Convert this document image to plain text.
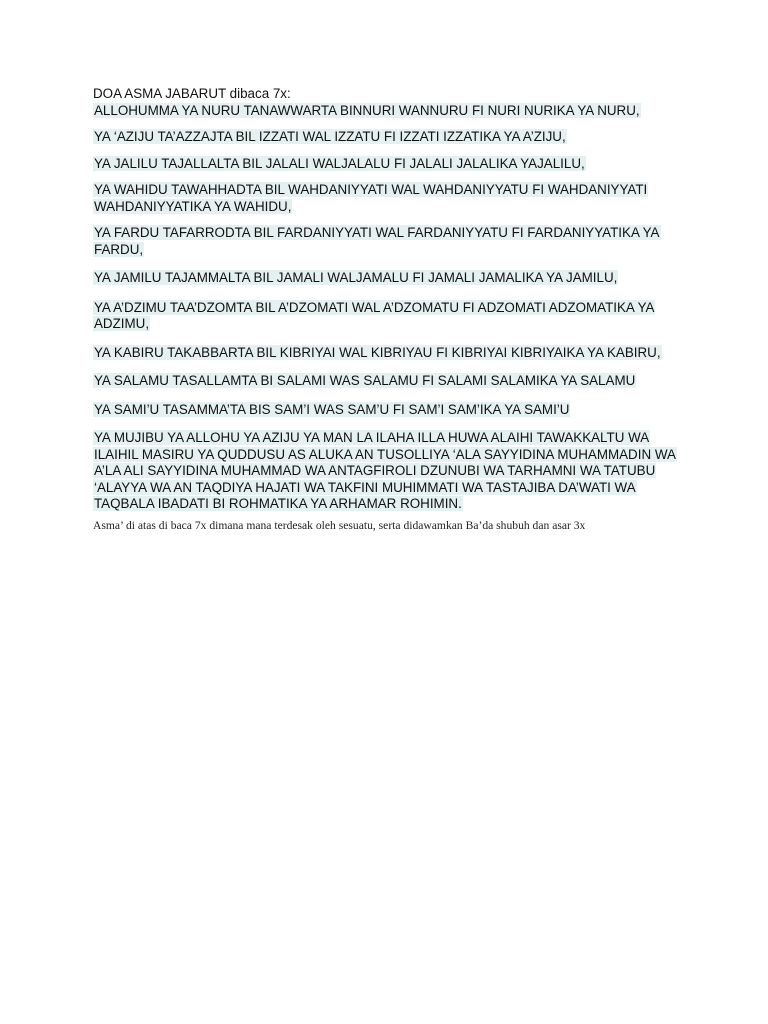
DOA ASMA JABARUT dibaca 7x:

ALLOHUMMA YA NURU TANAWWARTA BINNURI WANNURU FI NURI NURIKA YA NURU,

YA ‘AZIJU TA’AZZAJTA BIL IZZATI WAL IZZATU FI IZZATI IZZATIKA YA A’ZIJU,

YA JALILU TAJALLALTA BIL JALALI WALJALALU FI JALALI JALALIKA YAJALILU,

YA WAHIDU TAWAHHADTA BIL WAHDANIYYATI WAL WAHDANIYYATU FI WAHDANIYYATI WAHDANIYYATIKA YA WAHIDU,

YA FARDU TAFARRODTA BIL FARDANIYYATI WAL FARDANIYYATU FI FARDANIYYATIKA YA FARDU,

YA JAMILU TAJAMMALTA BIL JAMALI WALJAMALU FI JAMALI JAMALIKA YA JAMILU,

YA A’DZIMU TAA’DZOMTA BIL A’DZOMATI WAL A’DZOMATU FI ADZOMATI ADZOMATIKA YA ADZIMU,

YA KABIRU TAKABBARTA BIL KIBRIYAI WAL KIBRIYAU FI KIBRIYAI KIBRIYAIKA YA KABIRU,

YA SALAMU TASALLAMTA BI SALAMI WAS SALAMU FI SALAMI SALAMIKA YA SALAMU

YA SAMI’U TASAMMA’TA BIS SAM’I WAS SAM’U FI SAM’I SAM’IKA YA SAMI’U

YA MUJIBU YA ALLOHU YA AZIJU YA MAN LA ILAHA ILLA HUWA ALAIHI TAWAKKALTU WA ILAIHIL MASIRU YA QUDDUSU AS ALUKA AN TUSOLLIYA ‘ALA SAYYIDINA MUHAMMADIN WA A’LA ALI SAYYIDINA MUHAMMAD WA ANTAGFIROLI DZUNUBI WA TARHAMNI WA TATUBU ‘ALAYYA WA AN TAQDIYA HAJATI WA TAKFINI MUHIMMATI WA TASTAJIBA DA’WATI WA TAQBALA IBADATI BI ROHMATIKA YA ARHAMAR ROHIMIN.

Asma’ di atas di baca 7x dimana mana terdesak oleh sesuatu, serta didawamkan Ba’da shubuh dan asar 3x
